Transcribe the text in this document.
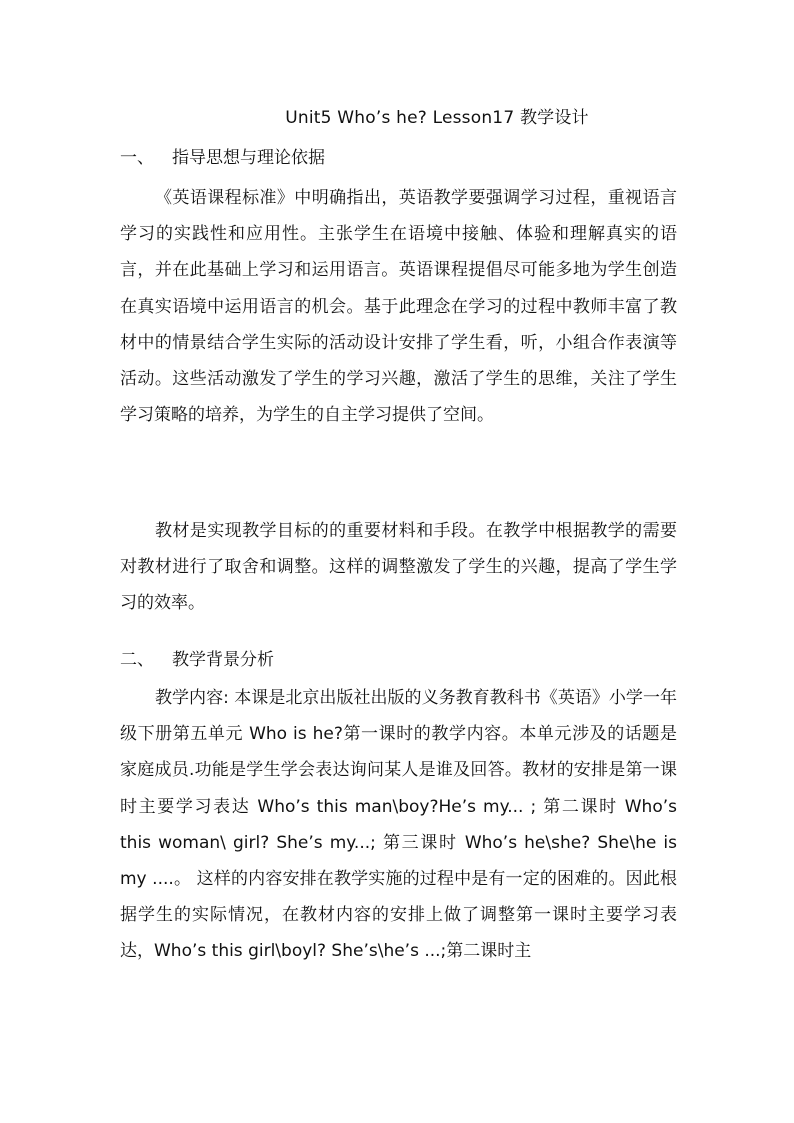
Unit5 Who’s he? Lesson17 教学设计
一、 指导思想与理论依据

《英语课程标准》中明确指出，英语教学要强调学习过程，重视语言学习的实践性和应用性。主张学生在语境中接触、体验和理解真实的语言，并在此基础上学习和运用语言。英语课程提倡尽可能多地为学生创造在真实语境中运用语言的机会。基于此理念在学习的过程中教师丰富了教材中的情景结合学生实际的活动设计安排了学生看，听，小组合作表演等活动。这些活动激发了学生的学习兴趣，激活了学生的思维，关注了学生学习策略的培养，为学生的自主学习提供了空间。

教材是实现教学目标的的重要材料和手段。在教学中根据教学的需要对教材进行了取舍和调整。这样的调整激发了学生的兴趣，提高了学生学习的效率。

二、 教学背景分析

教学内容: 本课是北京出版社出版的义务教育教科书《英语》小学一年级下册第五单元 Who is he?第一课时的教学内容。本单元涉及的话题是家庭成员.功能是学生学会表达询问某人是谁及回答。教材的安排是第一课时主要学习表达 Who’s this man\boy?He’s my... ; 第二课时 Who’s this woman\ girl? She’s my...; 第三课时 Who’s he\she? She\he is my ....。 这样的内容安排在教学实施的过程中是有一定的困难的。因此根据学生的实际情况，在教材内容的安排上做了调整第一课时主要学习表达，Who’s this girl\boyl? She’s\he’s ...;第二课时主
